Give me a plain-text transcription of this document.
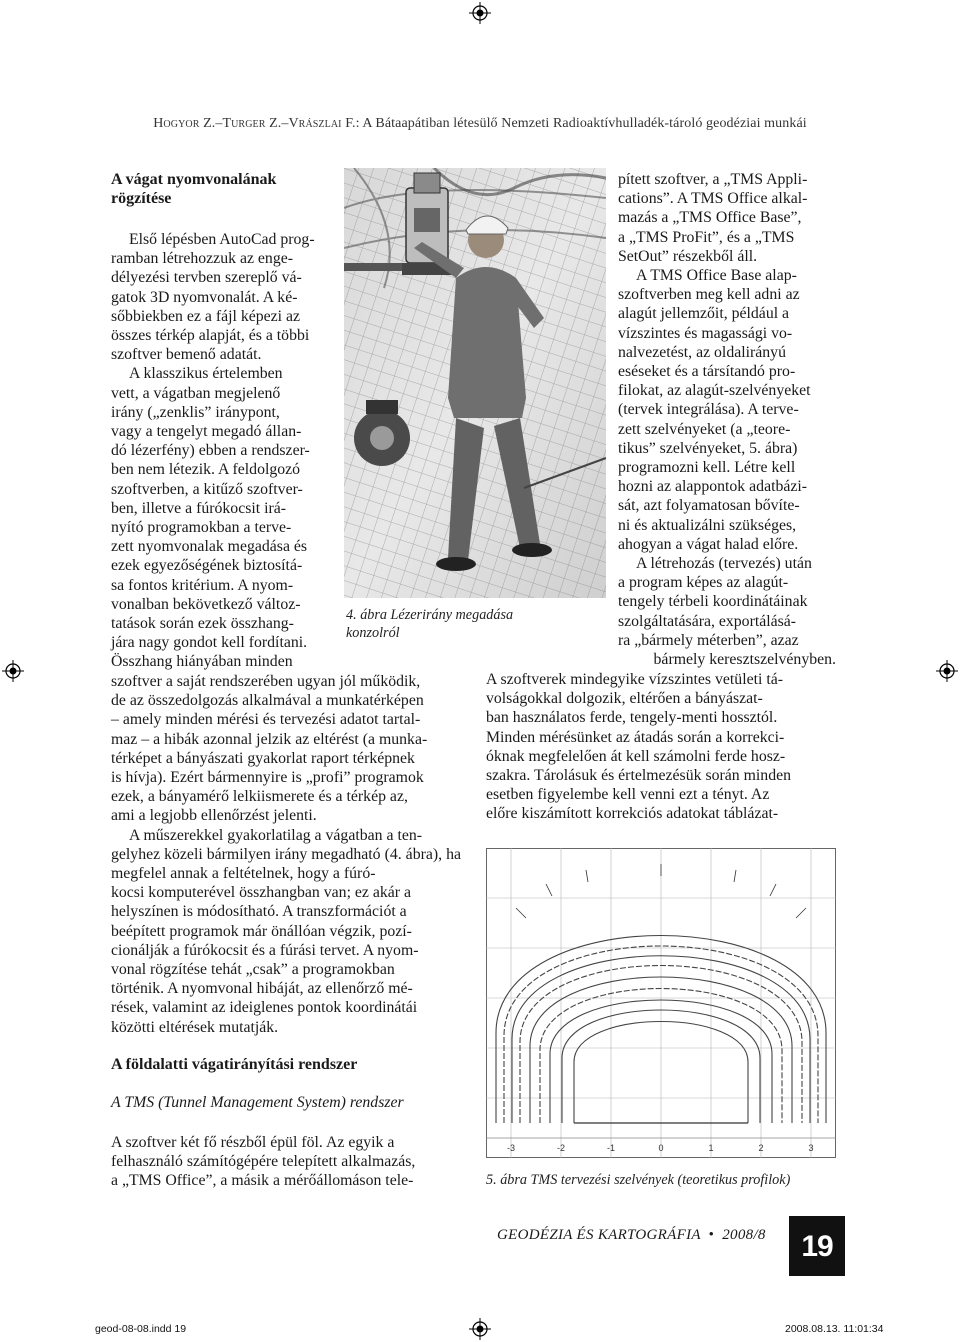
Hogyor Z.–Turger Z.–Vrászlai F.: A Bátaapátiban létesülő Nemzeti Radioaktívhulladék-tároló geodéziai munkái
A vágat nyomvonalának
rögzítése

Első lépésben AutoCad prog-

ramban létrehozzuk az enge-

délyezési tervben szereplő vá-

gatok 3D nyomvonalát. A ké-

sőbbiekben ez a fájl képezi az

összes térkép alapját, és a többi

szoftver bemenő adatát.

A klasszikus értelemben

vett, a vágatban megjelenő

irány („zenklis” iránypont,

vagy a tengelyt megadó állan-

dó lézerfény) ebben a rendszer-

ben nem létezik. A feldolgozó

szoftverben, a kitűző szoftver-

ben, illetve a fúrókocsit irá-

nyító programokban a terve-

zett nyomvonalak megadása és

ezek egyezőségének biztosítá-

sa fontos kritérium. A nyom-

vonalban bekövetkező változ-

tatások során ezek összhang-

jára nagy gondot kell fordítani.

Összhang hiányában minden

szoftver a saját rendszerében ugyan jól működik,

de az összedolgozás alkalmával a munkatérképen

– amely minden mérési és tervezési adatot tartal-

maz – a hibák azonnal jelzik az eltérést (a munka-

térképet a bányászati gyakorlat raport térképnek

is hívja). Ezért bármennyire is „profi” programok

ezek, a bányamérő lelkiismerete és a térkép az,

ami a legjobb ellenőrzést jelenti.

A műszerekkel gyakorlatilag a vágatban a ten-

gelyhez közeli bármilyen irány megadható (4. ábra), ha megfelel annak a feltételnek, hogy a fúró-

kocsi komputerével összhangban van; ez akár a

helyszínen is módosítható. A transzformációt a

beépített programok már önállóan végzik, pozí-

cionálják a fúrókocsit és a fúrási tervet. A nyom-

vonal rögzítése tehát „csak” a programokban

történik. A nyomvonal hibáját, az ellenőrző mé-

rések, valamint az ideiglenes pontok koordinátái

közötti eltérések mutatják.

A földalatti vágatirányítási rendszer
A TMS (Tunnel Management System) rendszer

A szoftver két fő részből épül föl. Az egyik a

felhasználó számítógépére telepített alkalmazás,

a „TMS Office”, a másik a mérőállomáson tele-

4. ábra Lézerirány megadása
konzolról

pített szoftver, a „TMS Appli-

cations”. A TMS Office alkal-

mazás a „TMS Office Base”,

a „TMS ProFit”, és a „TMS

SetOut” részekből áll.

A TMS Office Base alap-

szoftverben meg kell adni az

alagút jellemzőit, például a

vízszintes és magassági vo-

nalvezetést, az oldalirányú

eséseket és a társítandó pro-

filokat, az alagút-szelvényeket

(tervek integrálása). A terve-

zett szelvényeket (a „teore-

tikus” szelvényeket, 5. ábra)

programozni kell. Létre kell

hozni az alappontok adatbázi-

sát, azt folyamatosan bővíte-

ni és aktualizálni szükséges,

ahogyan a vágat halad előre.

A létrehozás (tervezés) után

a program képes az alagút-

tengely térbeli koordinátáinak

szolgáltatására, exportálásá-

ra „bármely méterben”, azaz

bármely keresztszelvényben.

A szoftverek mindegyike vízszintes vetületi tá-

volságokkal dolgozik, eltérően a bányászat-

ban használatos ferde, tengely-menti hossztól.

Minden mérésünket az átadás során a korrekci-

óknak megfelelően át kell számolni ferde hosz-

szakra. Tárolásuk és értelmezésük során minden

esetben figyelembe kell venni ezt a tényt. Az

előre kiszámított korrekciós adatokat táblázat-

-3	-2	-1	0	1	2	3
5. ábra TMS tervezési szelvények (teoretikus profilok)
GEODÉZIA ÉS KARTOGRÁFIA • 2008/8	19
geod-08-08.indd 19	2008.08.13. 11:01:34
